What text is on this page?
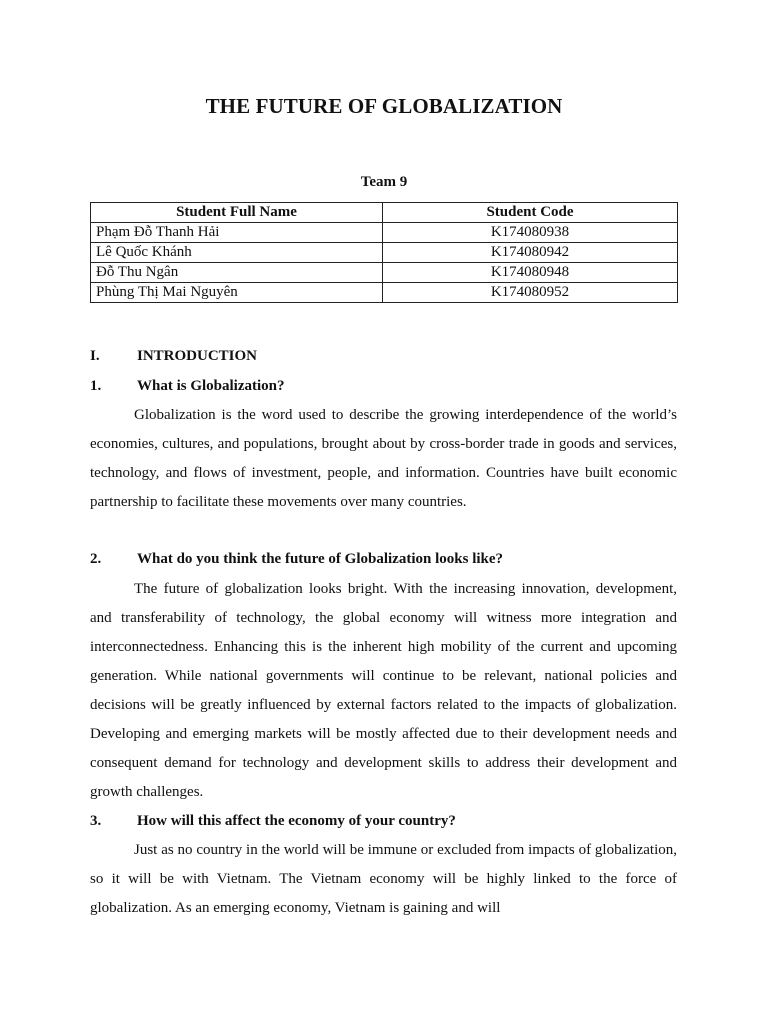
THE FUTURE OF GLOBALIZATION
Team 9
Student Full Name	Student Code
Phạm Đỗ Thanh Hải	K174080938
Lê Quốc Khánh	K174080942
Đỗ Thu Ngân	K174080948
Phùng Thị Mai Nguyên	K174080952
I. INTRODUCTION
1. What is Globalization?

Globalization is the word used to describe the growing interdependence of the world’s economies, cultures, and populations, brought about by cross-border trade in goods and services, technology, and flows of investment, people, and information. Countries have built economic partnership to facilitate these movements over many countries.

2. What do you think the future of Globalization looks like?

The future of globalization looks bright. With the increasing innovation, development, and transferability of technology, the global economy will witness more integration and interconnectedness. Enhancing this is the inherent high mobility of the current and upcoming generation. While national governments will continue to be relevant, national policies and decisions will be greatly influenced by external factors related to the impacts of globalization. Developing and emerging markets will be mostly affected due to their development needs and consequent demand for technology and development skills to address their development and growth challenges.

3. How will this affect the economy of your country?

Just as no country in the world will be immune or excluded from impacts of globalization, so it will be with Vietnam. The Vietnam economy will be highly linked to the force of globalization. As an emerging economy, Vietnam is gaining and will
